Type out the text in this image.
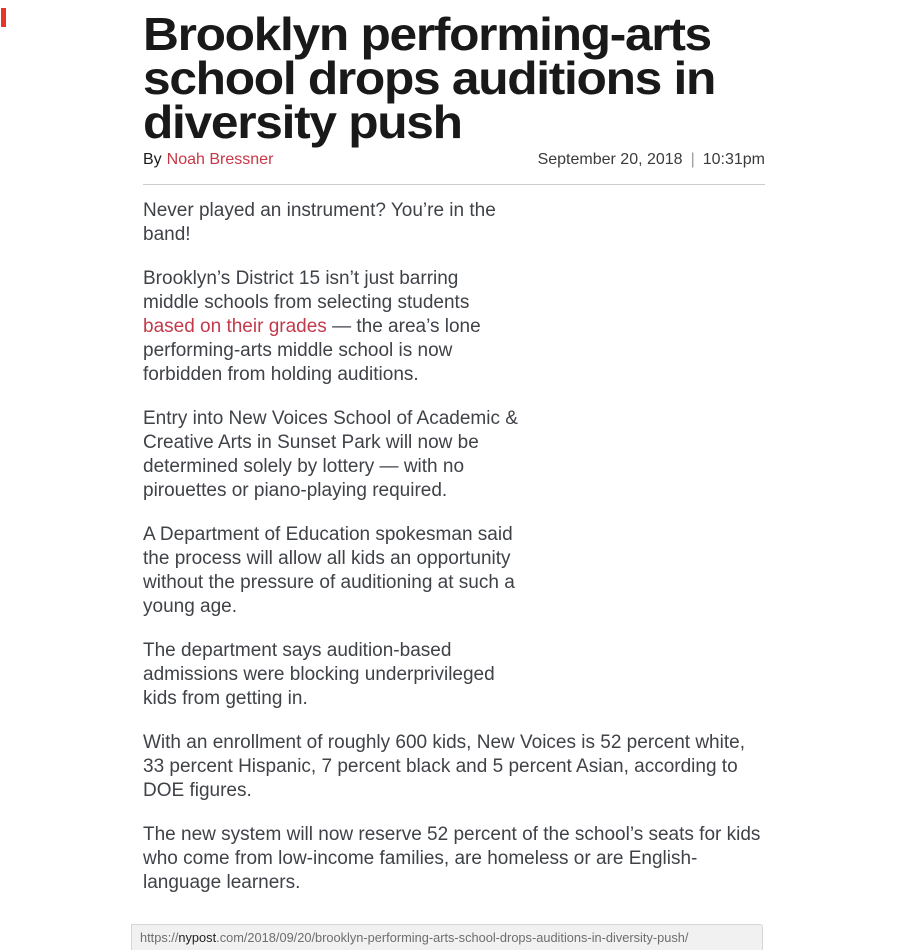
Brooklyn performing-arts
school drops auditions in
diversity push
By Noah Bressner	September 20, 2018 | 10:31pm

Never played an instrument? You’re in the band!

Brooklyn’s District 15 isn’t just barring middle schools from selecting students based on their grades — the area’s lone performing-arts middle school is now forbidden from holding auditions.

Entry into New Voices School of Academic & Creative Arts in Sunset Park will now be determined solely by lottery — with no pirouettes or piano-playing required.

A Department of Education spokesman said the process will allow all kids an opportunity without the pressure of auditioning at such a young age.

The department says audition-based admissions were blocking underprivileged kids from getting in.

With an enrollment of roughly 600 kids, New Voices is 52 percent white, 33 percent Hispanic, 7 percent black and 5 percent Asian, according to DOE figures.

The new system will now reserve 52 percent of the school’s seats for kids who come from low-income families, are homeless or are English-language learners.

https://nypost.com/2018/09/20/brooklyn-performing-arts-school-drops-auditions-in-diversity-push/
